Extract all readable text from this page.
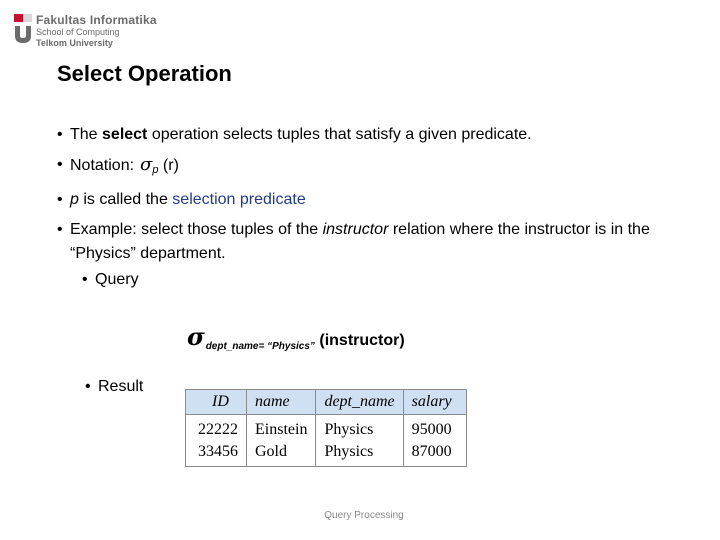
Fakultas Informatika
School of Computing
Telkom University
Select Operation
• The select operation selects tuples that satisfy a given predicate.
• Notation: σp (r)
• p is called the selection predicate
• Example: select those tuples of the instructor relation where the instructor is in the “Physics” department.
• Query
$\sigma_{dept\_name= “Physics”}$ (instructor)
• Result
ID	name	dept_name	salary
22222	Einstein	Physics	95000
33456	Gold	Physics	87000
Query Processing
